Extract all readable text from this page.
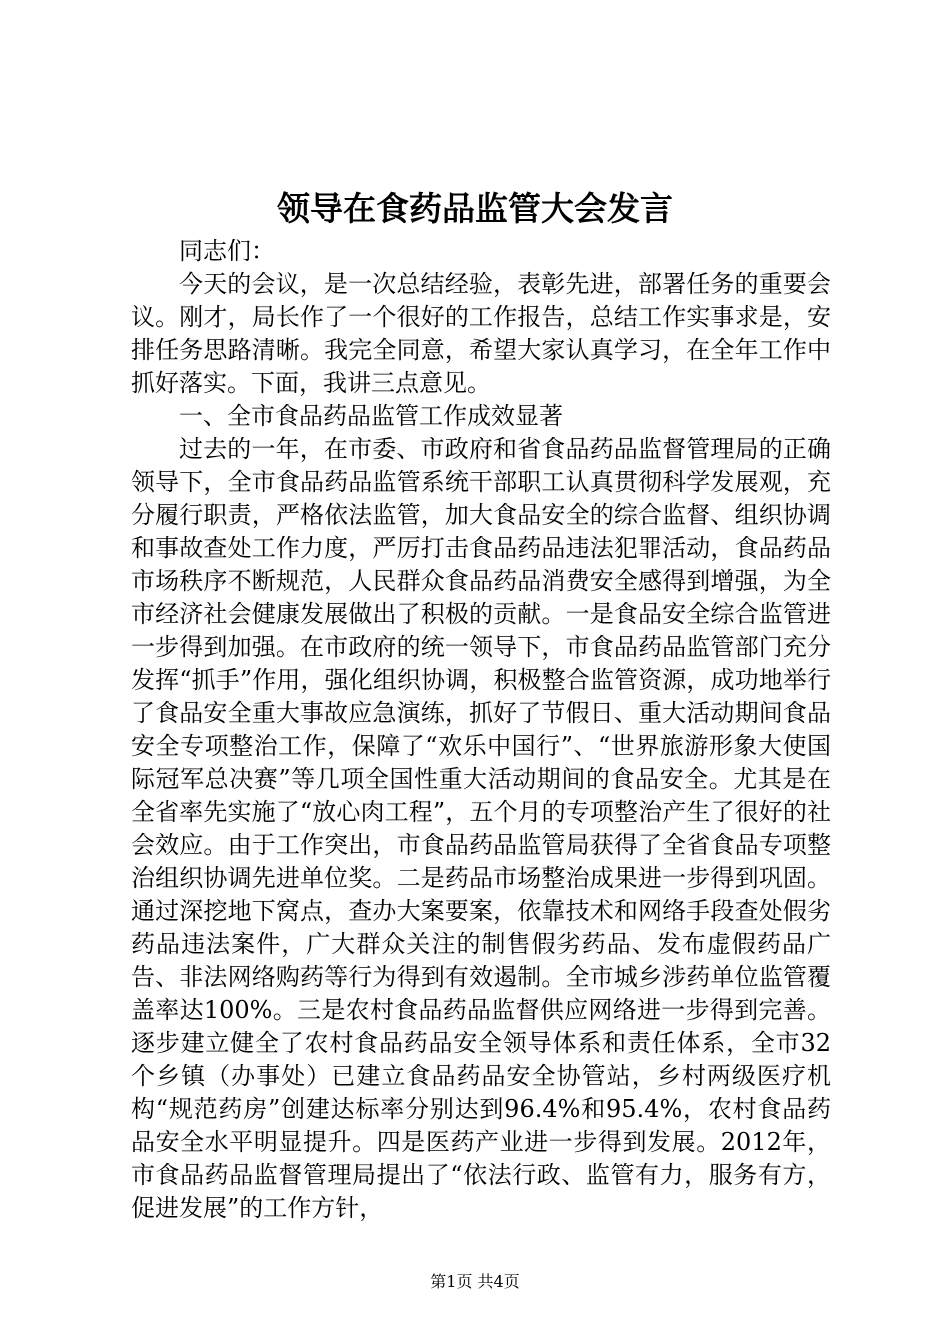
领导在食药品监管大会发言

同志们：

今天的会议，是一次总结经验，表彰先进，部署任务的重要会议。刚才，局长作了一个很好的工作报告，总结工作实事求是，安排任务思路清晰。我完全同意，希望大家认真学习，在全年工作中抓好落实。下面，我讲三点意见。

一、全市食品药品监管工作成效显著

过去的一年，在市委、市政府和省食品药品监督管理局的正确领导下，全市食品药品监管系统干部职工认真贯彻科学发展观，充分履行职责，严格依法监管，加大食品安全的综合监督、组织协调和事故查处工作力度，严厉打击食品药品违法犯罪活动，食品药品市场秩序不断规范，人民群众食品药品消费安全感得到增强，为全市经济社会健康发展做出了积极的贡献。一是食品安全综合监管进一步得到加强。在市政府的统一领导下，市食品药品监管部门充分发挥“抓手”作用，强化组织协调，积极整合监管资源，成功地举行了食品安全重大事故应急演练，抓好了节假日、重大活动期间食品安全专项整治工作，保障了“欢乐中国行”、“世界旅游形象大使国际冠军总决赛”等几项全国性重大活动期间的食品安全。尤其是在全省率先实施了“放心肉工程”，五个月的专项整治产生了很好的社会效应。由于工作突出，市食品药品监管局获得了全省食品专项整治组织协调先进单位奖。二是药品市场整治成果进一步得到巩固。通过深挖地下窝点，查办大案要案，依靠技术和网络手段查处假劣药品违法案件，广大群众关注的制售假劣药品、发布虚假药品广告、非法网络购药等行为得到有效遏制。全市城乡涉药单位监管覆盖率达100%。三是农村食品药品监督供应网络进一步得到完善。逐步建立健全了农村食品药品安全领导体系和责任体系，全市32个乡镇（办事处）已建立食品药品安全协管站，乡村两级医疗机构“规范药房”创建达标率分别达到96.4%和95.4%，农村食品药品安全水平明显提升。四是医药产业进一步得到发展。2012年，市食品药品监督管理局提出了“依法行政、监管有力，服务有方，促进发展”的工作方针，

第1页 共4页
